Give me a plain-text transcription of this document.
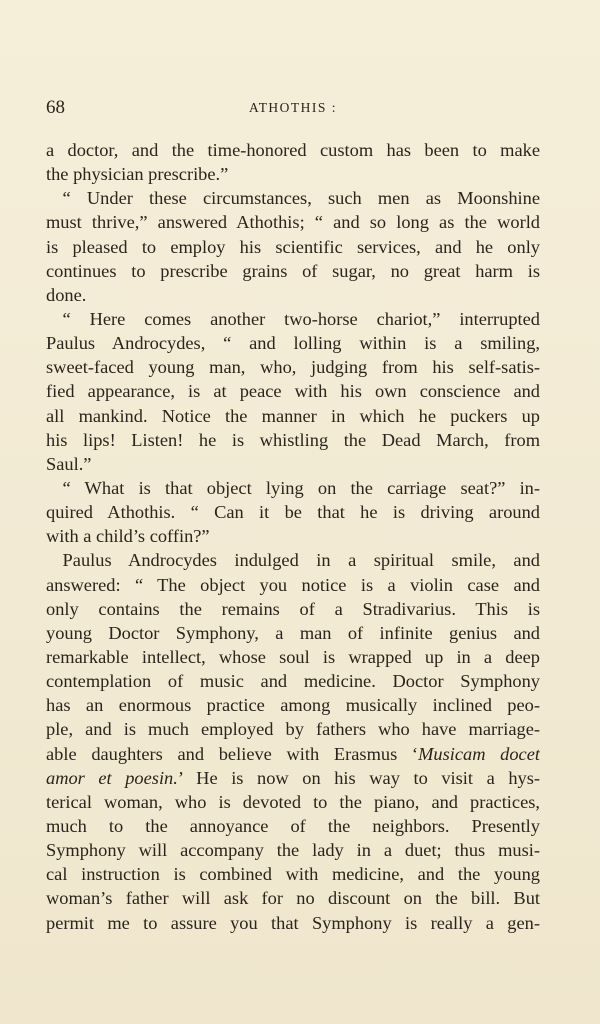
68	ATHOTHIS :
a doctor, and the time-honored custom has been to make
the physician prescribe.”
“ Under these circumstances, such men as Moonshine
must thrive,” answered Athothis; “ and so long as the world
is pleased to employ his scientific services, and he only
continues to prescribe grains of sugar, no great harm is
done.
“ Here comes another two-horse chariot,” interrupted
Paulus Androcydes, “ and lolling within is a smiling,
sweet-faced young man, who, judging from his self-satis-
fied appearance, is at peace with his own conscience and
all mankind. Notice the manner in which he puckers up
his lips! Listen! he is whistling the Dead March, from
Saul.”
“ What is that object lying on the carriage seat?” in-
quired Athothis. “ Can it be that he is driving around
with a child’s coffin?”
Paulus Androcydes indulged in a spiritual smile, and
answered: “ The object you notice is a violin case and
only contains the remains of a Stradivarius. This is
young Doctor Symphony, a man of infinite genius and
remarkable intellect, whose soul is wrapped up in a deep
contemplation of music and medicine. Doctor Symphony
has an enormous practice among musically inclined peo-
ple, and is much employed by fathers who have marriage-
able daughters and believe with Erasmus ‘Musicam docet
amor et poesin.’ He is now on his way to visit a hys-
terical woman, who is devoted to the piano, and practices,
much to the annoyance of the neighbors. Presently
Symphony will accompany the lady in a duet; thus musi-
cal instruction is combined with medicine, and the young
woman’s father will ask for no discount on the bill. But
permit me to assure you that Symphony is really a gen-
